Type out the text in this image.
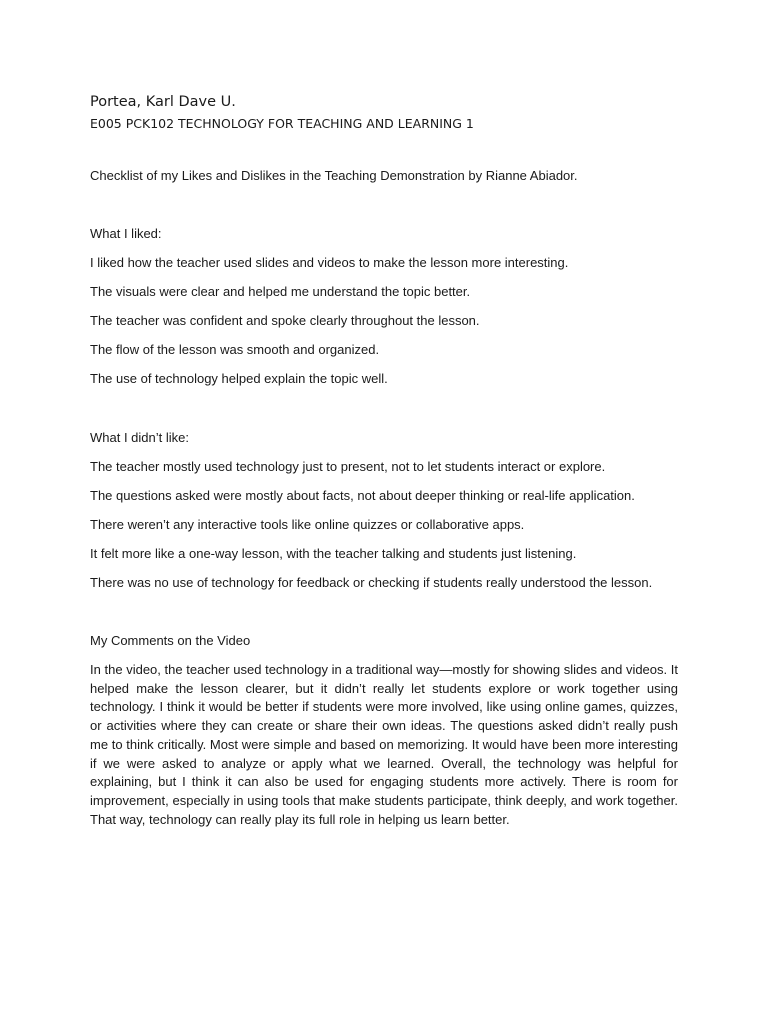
Portea, Karl Dave U.

E005 PCK102 TECHNOLOGY FOR TEACHING AND LEARNING 1

Checklist of my Likes and Dislikes in the Teaching Demonstration by Rianne Abiador.

What I liked:

I liked how the teacher used slides and videos to make the lesson more interesting.
The visuals were clear and helped me understand the topic better.
The teacher was confident and spoke clearly throughout the lesson.
The flow of the lesson was smooth and organized.
The use of technology helped explain the topic well.

What I didn’t like:

The teacher mostly used technology just to present, not to let students interact or explore.
The questions asked were mostly about facts, not about deeper thinking or real-life application.
There weren’t any interactive tools like online quizzes or collaborative apps.
It felt more like a one-way lesson, with the teacher talking and students just listening.
There was no use of technology for feedback or checking if students really understood the lesson.

My Comments on the Video

In the video, the teacher used technology in a traditional way—mostly for showing slides and videos. It helped make the lesson clearer, but it didn’t really let students explore or work together using technology. I think it would be better if students were more involved, like using online games, quizzes, or activities where they can create or share their own ideas. The questions asked didn’t really push me to think critically. Most were simple and based on memorizing. It would have been more interesting if we were asked to analyze or apply what we learned. Overall, the technology was helpful for explaining, but I think it can also be used for engaging students more actively. There is room for improvement, especially in using tools that make students participate, think deeply, and work together. That way, technology can really play its full role in helping us learn better.
